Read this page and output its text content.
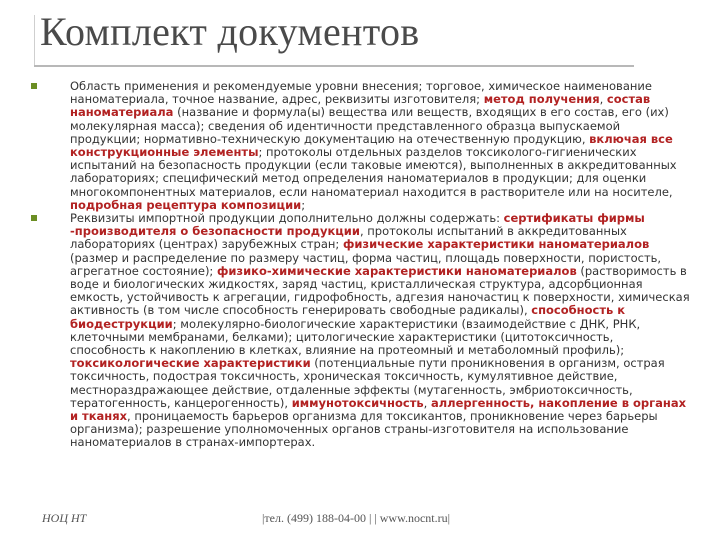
Комплект документов
Область применения и рекомендуемые уровни внесения; торговое, химическое наименование наноматериала, точное название, адрес, реквизиты изготовителя; метод получения, состав наноматериала (название и формула(ы) вещества или веществ, входящих в его состав, его (их) молекулярная масса); сведения об идентичности представленного образца выпускаемой продукции; нормативно-техническую документацию на отечественную продукцию, включая все конструкционные элементы; протоколы отдельных разделов токсиколого-гигиенических испытаний на безопасность продукции (если таковые имеются), выполненных в аккредитованных лабораториях; специфический метод определения наноматериалов в продукции; для оценки многокомпонентных материалов, если наноматериал находится в растворителе или на носителе, подробная рецептура композиции;
Реквизиты импортной продукции дополнительно должны содержать: сертификаты фирмы -производителя о безопасности продукции, протоколы испытаний в аккредитованных лабораториях (центрах) зарубежных стран; физические характеристики наноматериалов (размер и распределение по размеру частиц, форма частиц, площадь поверхности, пористость, агрегатное состояние); физико-химические характеристики наноматериалов (растворимость в воде и биологических жидкостях, заряд частиц, кристаллическая структура, адсорбционная емкость, устойчивость к агрегации, гидрофобность, адгезия наночастиц к поверхности, химическая активность (в том числе способность генерировать свободные радикалы), способность к биодеструкции; молекулярно-биологические характеристики (взаимодействие с ДНК, РНК, клеточными мембранами, белками); цитологические характеристики (цитотоксичность, способность к накоплению в клетках, влияние на протеомный и метаболомный профиль); токсикологические характеристики (потенциальные пути проникновения в организм, острая токсичность, подострая токсичность, хроническая токсичность, кумулятивное действие, местнораздражающее действие, отдаленные эффекты (мутагенность, эмбриотоксичность, тератогенность, канцерогенность), иммунотоксичность, аллергенность, накопление в органах и тканях, проницаемость барьеров организма для токсикантов, проникновение через барьеры организма); разрешение уполномоченных органов страны-изготовителя на использование наноматериалов в странах-импортерах.
НОЦ НТ	|тел. (499) 188-04-00 | | www.nocnt.ru|
